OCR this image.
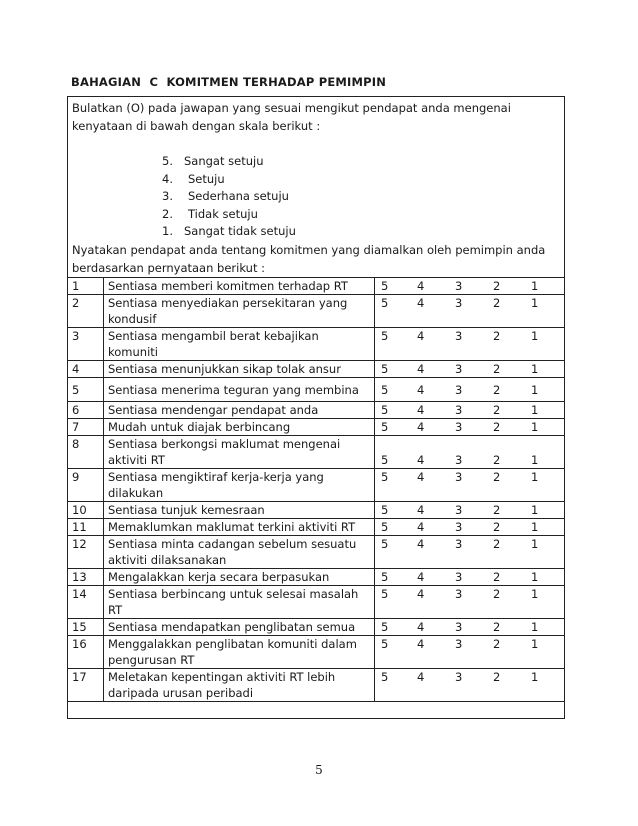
BAHAGIAN  C  KOMITMEN TERHADAP PEMIMPIN

Bulatkan (O) pada jawapan yang sesuai mengikut pendapat anda mengenai

kenyataan di bawah dengan skala berikut :

5. Sangat setuju
4. Setuju
3. Sederhana setuju
2. Tidak setuju
1. Sangat tidak setuju

Nyatakan pendapat anda tentang komitmen yang diamalkan oleh pemimpin anda

berdasarkan pernyataan berikut :

1	Sentiasa memberi komitmen terhadap RT	5 4 3 2 1

2	Sentiasa menyediakan persekitaran yang kondusif	5 4 3 2 1

3	Sentiasa mengambil berat kebajikan komuniti	5 4 3 2 1

4	Sentiasa menunjukkan sikap tolak ansur	5 4 3 2 1

5	Sentiasa menerima teguran yang membina	5 4 3 2 1

6	Sentiasa mendengar pendapat anda	5 4 3 2 1

7	Mudah untuk diajak berbincang	5 4 3 2 1

8	Sentiasa berkongsi maklumat mengenai aktiviti RT	5 4 3 2 1

9	Sentiasa mengiktiraf kerja-kerja yang dilakukan	5 4 3 2 1

10	Sentiasa tunjuk kemesraan	5 4 3 2 1

11	Memaklumkan maklumat terkini aktiviti RT	5 4 3 2 1

12	Sentiasa minta cadangan sebelum sesuatu aktiviti dilaksanakan	5 4 3 2 1

13	Mengalakkan kerja secara berpasukan	5 4 3 2 1

14	Sentiasa berbincang untuk selesai masalah RT	5 4 3 2 1

15	Sentiasa mendapatkan penglibatan semua	5 4 3 2 1

16	Menggalakkan penglibatan komuniti dalam pengurusan RT	5 4 3 2 1

17	Meletakan kepentingan aktiviti RT lebih daripada urusan peribadi	5 4 3 2 1
5
